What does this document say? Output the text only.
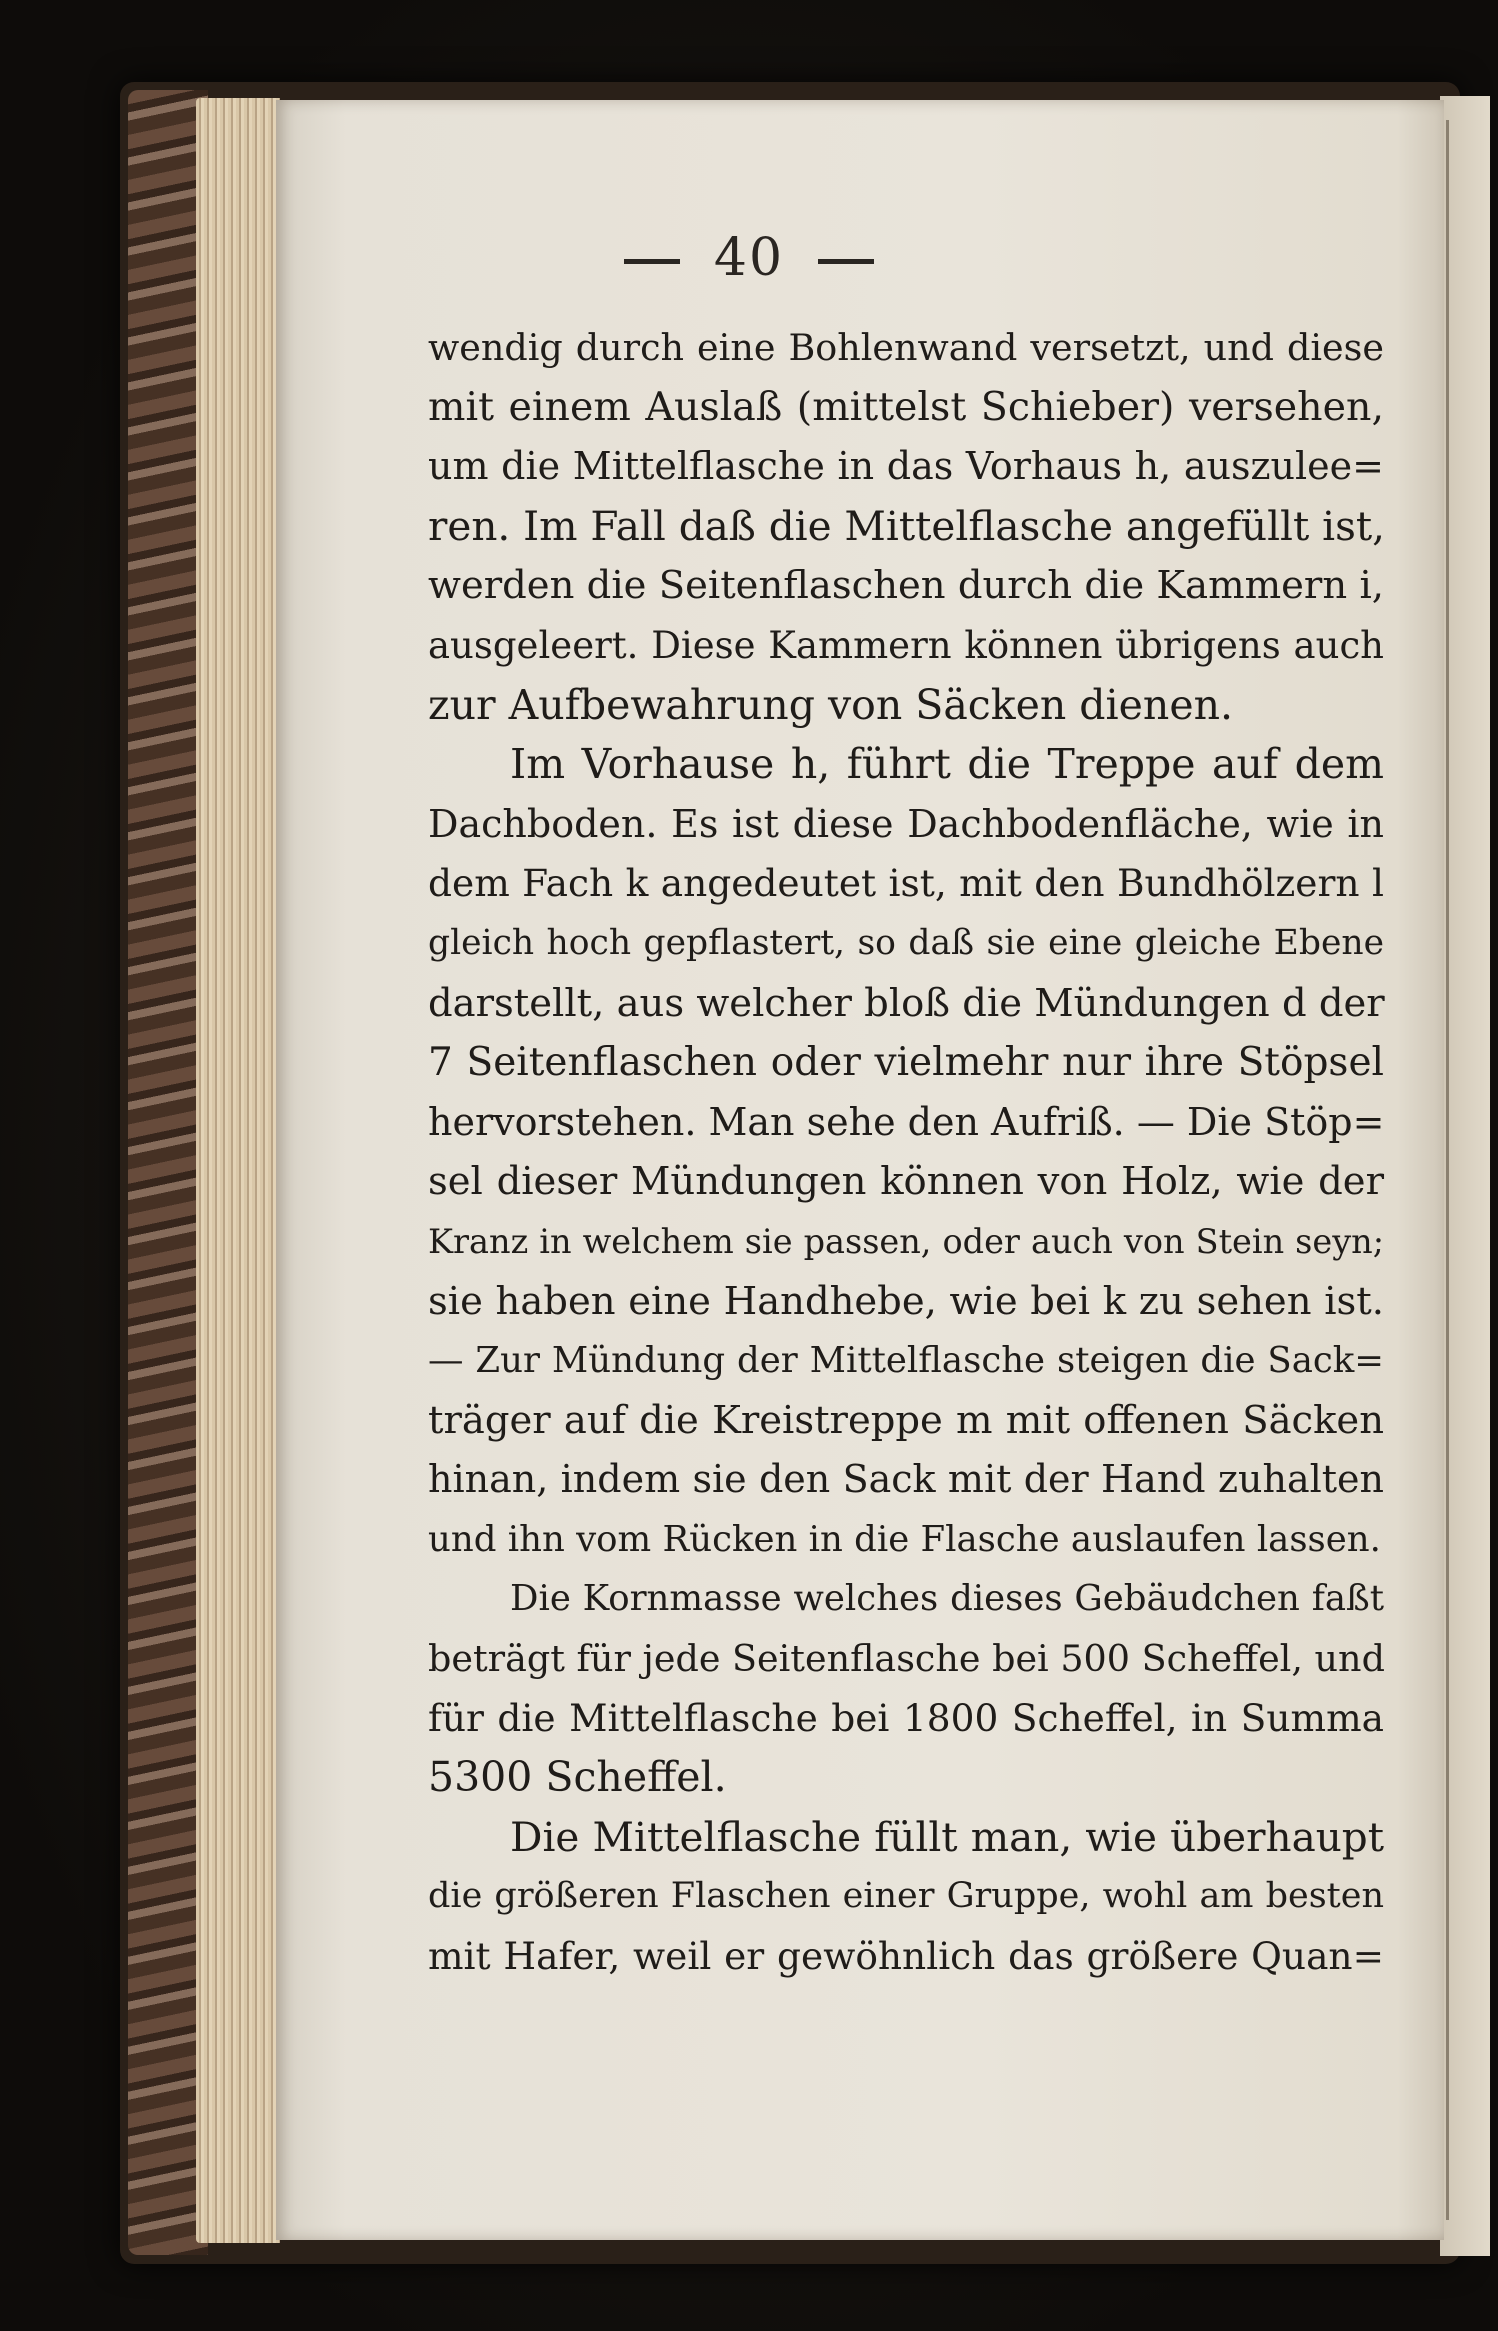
40
wendig durch eine Bohlenwand versetzt, und diese
mit einem Auslaß (mittelst Schieber) versehen,
um die Mittelflasche in das Vorhaus h, auszulee=
ren. Im Fall daß die Mittelflasche angefüllt ist,
werden die Seitenflaschen durch die Kammern i,
ausgeleert. Diese Kammern können übrigens auch
zur Aufbewahrung von Säcken dienen.
Im Vorhause h, führt die Treppe auf dem
Dachboden. Es ist diese Dachbodenfläche, wie in
dem Fach k angedeutet ist, mit den Bundhölzern l
gleich hoch gepflastert, so daß sie eine gleiche Ebene
darstellt, aus welcher bloß die Mündungen d der
7 Seitenflaschen oder vielmehr nur ihre Stöpsel
hervorstehen. Man sehe den Aufriß. — Die Stöp=
sel dieser Mündungen können von Holz, wie der
Kranz in welchem sie passen, oder auch von Stein seyn;
sie haben eine Handhebe, wie bei k zu sehen ist.
— Zur Mündung der Mittelflasche steigen die Sack=
träger auf die Kreistreppe m mit offenen Säcken
hinan, indem sie den Sack mit der Hand zuhalten
und ihn vom Rücken in die Flasche auslaufen lassen.
Die Kornmasse welches dieses Gebäudchen faßt
beträgt für jede Seitenflasche bei 500 Scheffel, und
für die Mittelflasche bei 1800 Scheffel, in Summa
5300 Scheffel.
Die Mittelflasche füllt man, wie überhaupt
die größeren Flaschen einer Gruppe, wohl am besten
mit Hafer, weil er gewöhnlich das größere Quan=
